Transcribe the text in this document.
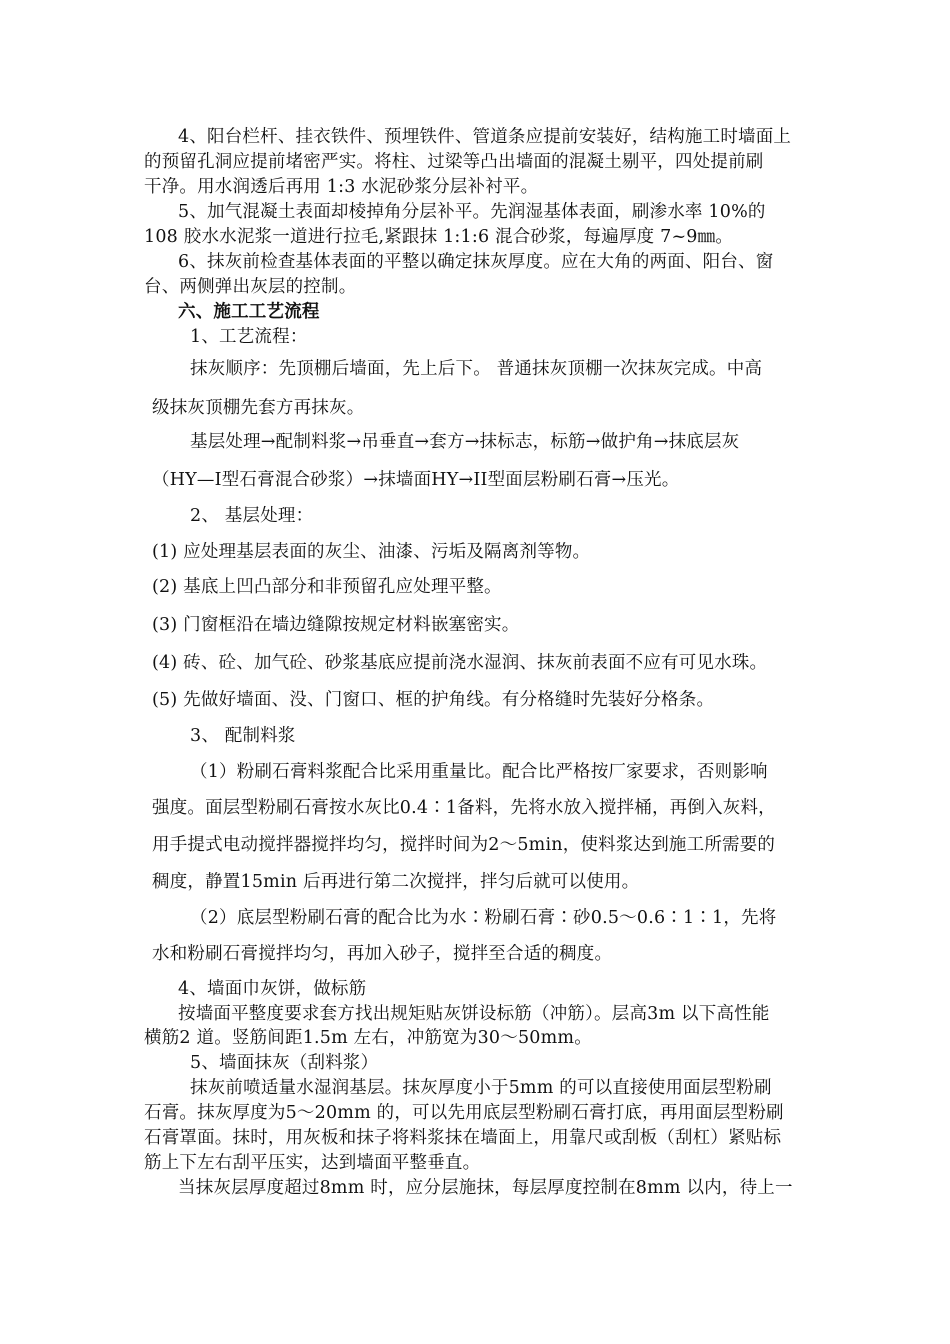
4、阳台栏杆、挂衣铁件、预埋铁件、管道条应提前安装好，结构施工时墙面上
的预留孔洞应提前堵密严实。将柱、过梁等凸出墙面的混凝土剔平，四处提前刷
干净。用水润透后再用 1:3 水泥砂浆分层补衬平。
5、加气混凝土表面却棱掉角分层补平。先润湿基体表面，刷渗水率 10%的
108 胶水水泥浆一道进行拉毛,紧跟抹 1:1:6 混合砂浆，每遍厚度 7~9㎜。
6、抹灰前检查基体表面的平整以确定抹灰厚度。应在大角的两面、阳台、窗
台、两侧弹出灰层的控制。
六、施工工艺流程
1、工艺流程：
抹灰顺序：先顶棚后墙面，先上后下。 普通抹灰顶棚一次抹灰完成。中高
级抹灰顶棚先套方再抹灰。
基层处理→配制料浆→吊垂直→套方→抹标志，标筋→做护角→抹底层灰
（HY—I型石膏混合砂浆）→抹墙面HY→II型面层粉刷石膏→压光。
2、 基层处理：
(1) 应处理基层表面的灰尘、油漆、污垢及隔离剂等物。
(2) 基底上凹凸部分和非预留孔应处理平整。
(3) 门窗框沿在墙边缝隙按规定材料嵌塞密实。
(4) 砖、砼、加气砼、砂浆基底应提前浇水湿润、抹灰前表面不应有可见水珠。
(5) 先做好墙面、没、门窗口、框的护角线。有分格缝时先装好分格条。
3、 配制料浆
（1）粉刷石膏料浆配合比采用重量比。配合比严格按厂家要求，否则影响
强度。面层型粉刷石膏按水灰比0.4∶1备料，先将水放入搅拌桶，再倒入灰料，
用手提式电动搅拌器搅拌均匀，搅拌时间为2～5min，使料浆达到施工所需要的
稠度，静置15min 后再进行第二次搅拌，拌匀后就可以使用。
（2）底层型粉刷石膏的配合比为水∶粉刷石膏∶砂0.5～0.6∶1∶1，先将
水和粉刷石膏搅拌均匀，再加入砂子，搅拌至合适的稠度。
4、墙面巾灰饼，做标筋
按墙面平整度要求套方找出规矩贴灰饼设标筋（冲筋）。层高3m 以下高性能
横筋2 道。竖筋间距1.5m 左右，冲筋宽为30～50mm。
5、墙面抹灰（刮料浆）
抹灰前喷适量水湿润基层。抹灰厚度小于5mm 的可以直接使用面层型粉刷
石膏。抹灰厚度为5～20mm 的，可以先用底层型粉刷石膏打底，再用面层型粉刷
石膏罩面。抹时，用灰板和抹子将料浆抹在墙面上，用靠尺或刮板（刮杠）紧贴标
筋上下左右刮平压实，达到墙面平整垂直。
当抹灰层厚度超过8mm 时，应分层施抹，每层厚度控制在8mm 以内，待上一
